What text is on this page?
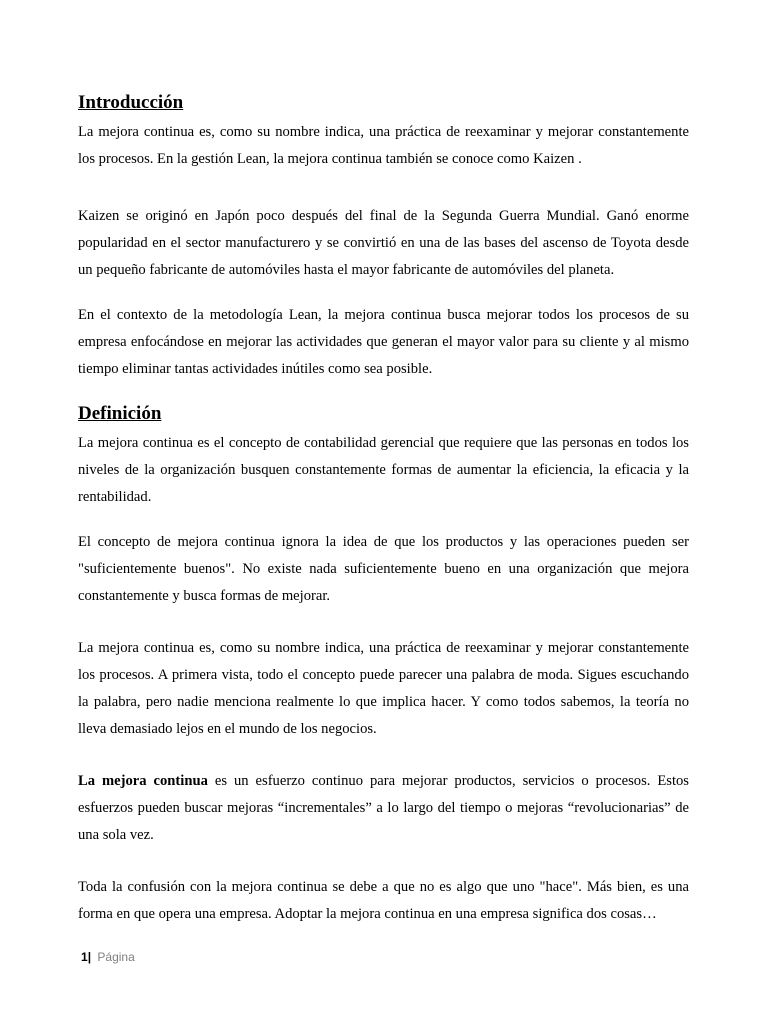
Introducción

La mejora continua es, como su nombre indica, una práctica de reexaminar y mejorar constantemente los procesos. En la gestión Lean, la mejora continua también se conoce como Kaizen .

Kaizen se originó en Japón poco después del final de la Segunda Guerra Mundial. Ganó enorme popularidad en el sector manufacturero y se convirtió en una de las bases del ascenso de Toyota desde un pequeño fabricante de automóviles hasta el mayor fabricante de automóviles del planeta.

En el contexto de la metodología Lean, la mejora continua busca mejorar todos los procesos de su empresa enfocándose en mejorar las actividades que generan el mayor valor para su cliente y al mismo tiempo eliminar tantas actividades inútiles como sea posible.

Definición

La mejora continua es el concepto de contabilidad gerencial que requiere que las personas en todos los niveles de la organización busquen constantemente formas de aumentar la eficiencia, la eficacia y la rentabilidad.

El concepto de mejora continua ignora la idea de que los productos y las operaciones pueden ser "suficientemente buenos". No existe nada suficientemente bueno en una organización que mejora constantemente y busca formas de mejorar.

La mejora continua es, como su nombre indica, una práctica de reexaminar y mejorar constantemente los procesos. A primera vista, todo el concepto puede parecer una palabra de moda. Sigues escuchando la palabra, pero nadie menciona realmente lo que implica hacer. Y como todos sabemos, la teoría no lleva demasiado lejos en el mundo de los negocios.

La mejora continua es un esfuerzo continuo para mejorar productos, servicios o procesos. Estos esfuerzos pueden buscar mejoras “incrementales” a lo largo del tiempo o mejoras “revolucionarias” de una sola vez.

Toda la confusión con la mejora continua se debe a que no es algo que uno "hace". Más bien, es una forma en que opera una empresa. Adoptar la mejora continua en una empresa significa dos cosas…

1| Página
